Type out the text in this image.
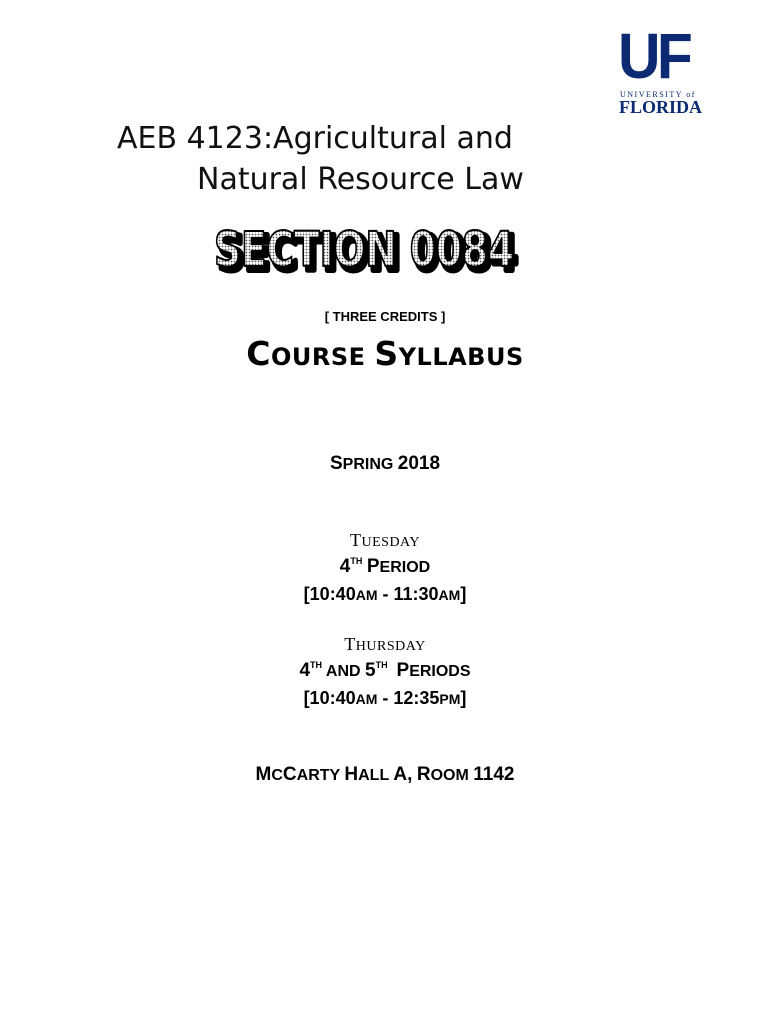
UF
UNIVERSITY of
FLORIDA
AEB 4123:Agricultural and
Natural Resource Law
SECTION 0084
SECTION 0084
[ THREE CREDITS ]
COURSE SYLLABUS
SPRING 2018
TUESDAY
4TH PERIOD
[10:40AM - 11:30AM]
THURSDAY
4TH AND 5TH PERIODS
[10:40AM - 12:35PM]
MCCARTY HALL A, ROOM 1142
